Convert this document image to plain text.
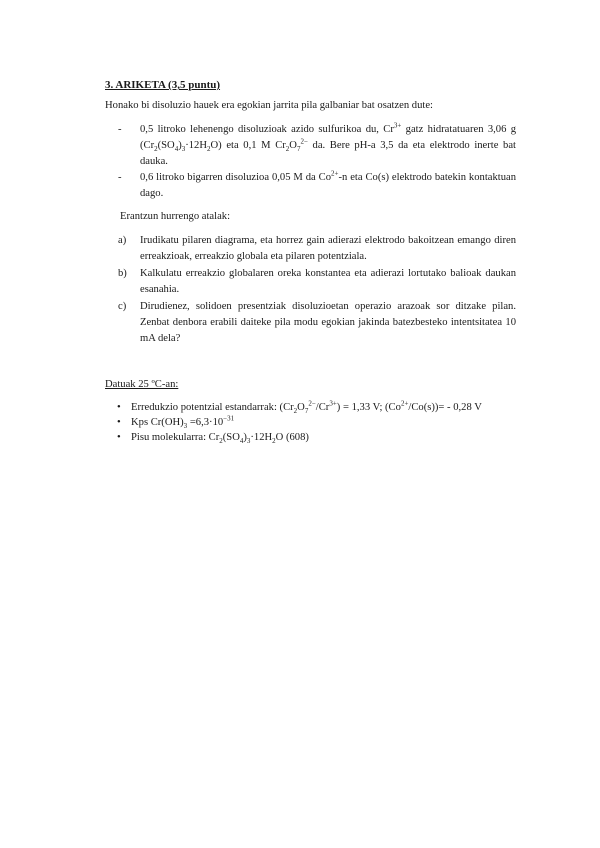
3. ARIKETA (3,5 puntu)
Honako bi disoluzio hauek era egokian jarrita pila galbaniar bat osatzen dute:
- 0,5 litroko lehenengo disoluzioak azido sulfurikoa du, $Cr^{3+}$ gatz hidratatuaren 3,06 g $(Cr_2(SO_4)_3\cdot 12H_2O)$ eta 0,1 M $Cr_2O_7^{2-}$ da. Bere pH-a 3,5 da eta elektrodo inerte bat dauka.
- 0,6 litroko bigarren disoluzioa 0,05 M da $Co^{2+}-n$ eta Co(s) elektrodo batekin kontaktuan dago.
Erantzun hurrengo atalak:
a) Irudikatu pilaren diagrama, eta horrez gain adierazi elektrodo bakoitzean emango diren erreakzioak, erreakzio globala eta pilaren potentziala.
b) Kalkulatu erreakzio globalaren oreka konstantea eta adierazi lortutako balioak daukan esanahia.
c) Dirudienez, solidoen presentziak disoluzioetan operazio arazoak sor ditzake pilan. Zenbat denbora erabili daiteke pila modu egokian jakinda batezbesteko intentsitatea 10 mA dela?
Datuak 25 ºC-an:
• Erredukzio potentzial estandarrak: $(Cr_2O_7^{2-}/Cr^{3+}) = 1,33$ V; $(Co^{2+}/Co(s))= - 0,28$ V
• Kps $Cr(OH)_3 =6,3\cdot 10^{-31}$
• Pisu molekularra: $Cr_2(SO_4)_3\cdot 12H_2O$ (608)
